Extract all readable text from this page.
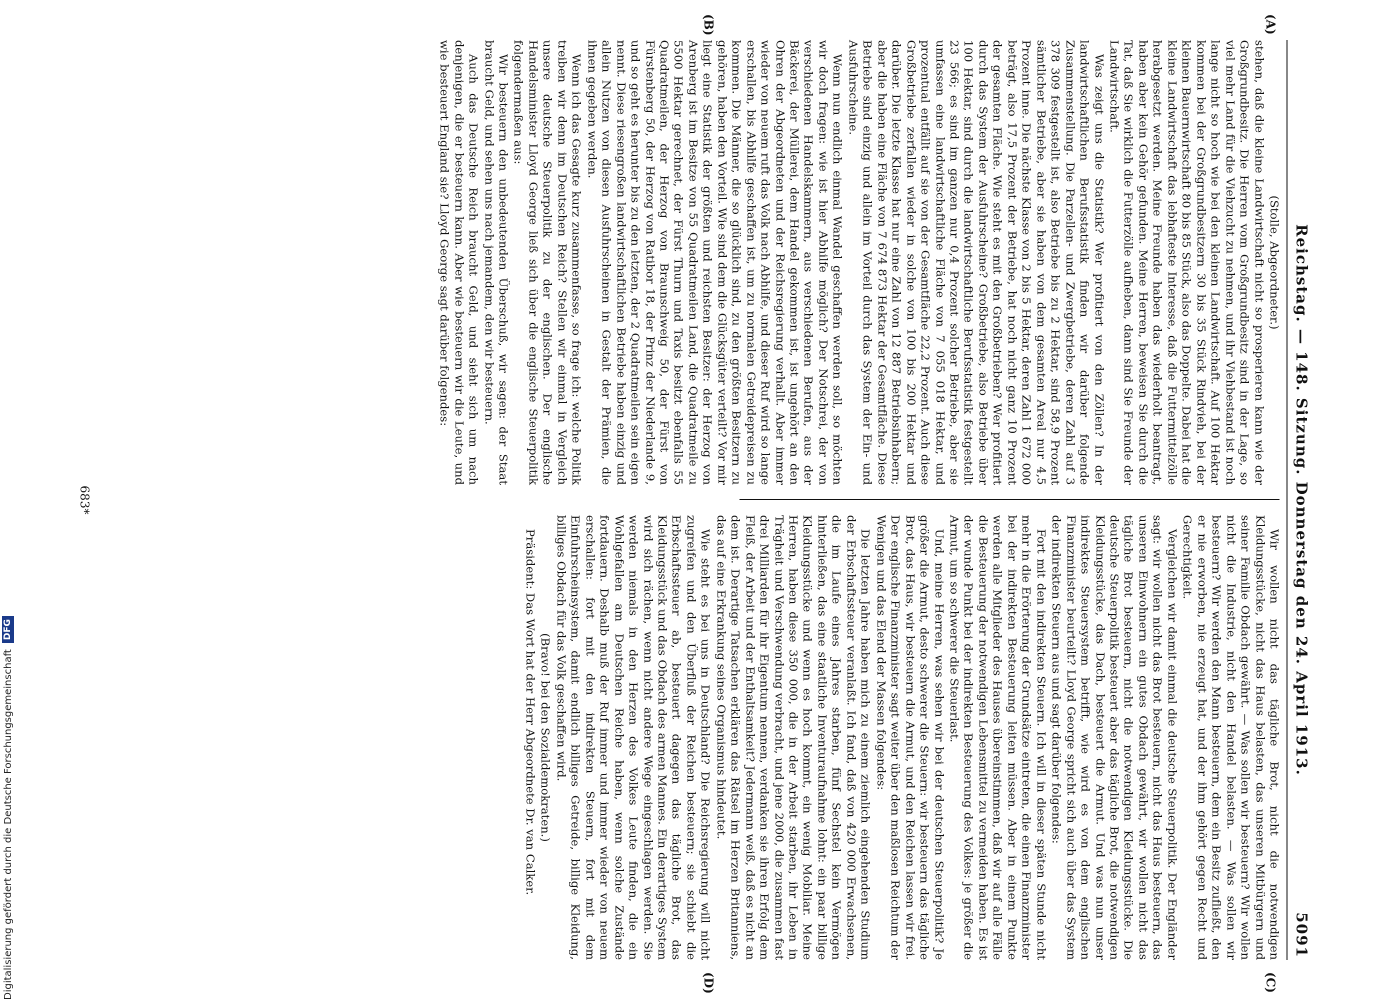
Reichstag. — 148. Sitzung. Donnerstag den 24. April 1913.
5091
(A)
(B)
(C)
(D)

(Stolle, Abgeordneter.)

stehen, daß die kleine Landwirtschaft nicht so prosperieren kann wie der Großgrundbesitz. Die Herren vom Großgrundbesitz sind in der Lage, so viel mehr Land für die Viehzucht zu nehmen, und ihr Viehbestand ist noch lange nicht so hoch wie bei den kleinen Landwirtschaft. Auf 100 Hektar kommen bei der Großgrundbesitzern 30 bis 35 Stück Rindvieh, bei der kleinen Bauernwirtschaft 80 bis 85 Stück, also das Doppelte. Dabei hat die kleine Landwirtschaft das lebhafteste Interesse, daß die Futtermittelzölle herabgesetzt werden. Meine Freunde haben das wiederholt beantragt, haben aber kein Gehör gefunden. Meine Herren, beweisen Sie durch die Tat, daß Sie wirklich die Futterzölle aufheben, dann sind Sie Freunde der Landwirtschaft.

Was zeigt uns die Statistik? Wer profitiert von den Zöllen? In der landwirtschaftlichen Berufsstatistik finden wir darüber folgende Zusammenstellung. Die Parzellen- und Zwergbetriebe, deren Zahl auf 3 378 309 festgestellt ist, also Betriebe bis zu 2 Hektar, sind 58,9 Prozent sämtlicher Betriebe, aber sie haben von dem gesamten Areal nur 4,5 Prozent inne. Die nächste Klasse von 2 bis 5 Hektar, deren Zahl 1 672 000 beträgt, also 17,5 Prozent der Betriebe, hat noch nicht ganz 10 Prozent der gesamten Fläche. Wie steht es mit den Großbetrieben? Wer profitiert durch das System der Ausfuhrscheine? Großbetriebe, also Betriebe über 100 Hektar, sind durch die landwirtschaftliche Berufsstatistik festgestellt 23 566; es sind im ganzen nur 0,4 Prozent solcher Betriebe, aber sie umfassen eine landwirtschaftliche Fläche von 7 055 018 Hektar, und prozentual entfällt auf sie von der Gesamtfläche 22,2 Prozent. Auch diese Großbetriebe zerfallen wieder in solche von 100 bis 200 Hektar und darüber. Die letzte Klasse hat nur eine Zahl von 12 887 Betriebsinhabern; aber die haben eine Fläche von 7 674 873 Hektar der Gesamtfläche. Diese Betriebe sind einzig und allein im Vorteil durch das System der Ein- und Ausfuhrscheine.

Wenn nun endlich einmal Wandel geschaffen werden soll, so möchten wir doch fragen: wie ist hier Abhilfe möglich? Der Notschrei, der von verschiedenen Handelskammern, aus verschiedenen Berufen, aus der Bäckerei, der Müllerei, dem Handel gekommen ist, ist ungehört an den Ohren der Abgeordneten und der Reichsregierung verhallt. Aber immer wieder von neuem ruft das Volk nach Abhilfe, und dieser Ruf wird so lange erschallen, bis Abhilfe geschaffen ist, um zu normalen Getreidepreisen zu kommen. Die Männer, die so glücklich sind, zu den größten Besitzern zu gehören, haben den Vorteil. Wie sind dem die Glücksgüter verteilt? Vor mir liegt eine Statistik der größten und reichsten Besitzer: der Herzog von Arenberg ist im Besitze von 55 Quadratmeilen Land, die Quadratmeile zu 5500 Hektar gerechnet, der Fürst Thurn und Taxis besitzt ebenfalls 55 Quadratmeilen, der Herzog von Braunschweig 50, der Fürst von Fürstenberg 50, der Herzog von Ratibor 18, der Prinz der Niederlande 9, und so geht es herunter bis zu den letzten, der 2 Quadratmeilen sein eigen nennt. Diese riesengroßen landwirtschaftlichen Betriebe haben einzig und allein Nutzen von diesen Ausfuhrscheinen in Gestalt der Prämien, die ihnen gegeben werden.

Wenn ich das Gesagte kurz zusammenfasse, so frage ich: welche Politik treiben wir denn im Deutschen Reich? Stellen wir einmal in Vergleich unsere deutsche Steuerpolitik zu der englischen. Der englische Handelsminister Lloyd George ließ sich über die englische Steuerpolitik folgendermaßen aus:

Wir besteuern den unbedeutenden Überschuß, wir sagen: der Staat braucht Geld, und sehen uns nach jemandem, den wir besteuern.

Auch das Deutsche Reich braucht Geld, und sieht sich um nach denjenigen, die er besteuern kann. Aber wie besteuern wir die Leute, und wie besteuert England sie? Lloyd George sagt darüber folgendes:

Wir wollen nicht das tägliche Brot, nicht die notwendigen Kleidungsstücke, nicht das Haus belasten, das unseren Mitbürgern und seiner Familie Obdach gewährt. — Was sollen wir besteuern? Wir wollen nicht die Industrie, nicht den Handel belasten. — Was sollen wir besteuern? Wir werden den Mann besteuern, dem ein Besitz zufließt, den er nie erworben, nie erzeugt hat, und der ihm gehört gegen Recht und Gerechtigkeit.

Vergleichen wir damit einmal die deutsche Steuerpolitik. Der Engländer sagt: wir wollen nicht das Brot besteuern, nicht das Haus besteuern, das unseren Einwohnern ein gutes Obdach gewährt, wir wollen nicht das tägliche Brot besteuern, nicht die notwendigen Kleidungsstücke. Die deutsche Steuerpolitik besteuert aber das tägliche Brot, die notwendigen Kleidungsstücke, das Dach, besteuert die Armut. Und was nun unser indirektes Steuersystem betrifft, wie wird es von dem englischen Finanzminister beurteilt? Lloyd George spricht sich auch über das System der indirekten Steuern aus und sagt darüber folgendes:

Fort mit den indirekten Steuern. Ich will in dieser späten Stunde nicht mehr in die Erörterung der Grundsätze eintreten, die einen Finanzminister bei der indirekten Besteuerung leiten müssen. Aber in einem Punkte werden alle Mitglieder des Hauses übereinstimmen, daß wir auf alle Fälle die Besteuerung der notwendigen Lebensmittel zu vermeiden haben. Es ist der wunde Punkt bei der indirekten Besteuerung des Volkes: je größer die Armut, um so schwerer die Steuerlast.

Und, meine Herren, was sehen wir bei der deutschen Steuerpolitik? Je größer die Armut, desto schwerer die Steuern: wir besteuern das tägliche Brot, das Haus, wir besteuern die Armut, und den Reichen lassen wir frei. Der englische Finanzminister sagt weiter über den maßlosen Reichtum der Wenigen und das Elend der Massen folgendes:

Die letzten Jahre haben mich zu einem ziemlich eingehenden Studium der Erbschaftssteuer veranlaßt. Ich fand, daß von 420 000 Erwachsenen, die im Laufe eines Jahres starben, fünf Sechstel kein Vermögen hinterließen, das eine staatliche Inventuraufnahme lohnt: ein paar billige Kleidungsstücke und wenn es hoch kommt, ein wenig Mobiliar. Meine Herren, haben diese 350 000, die in der Arbeit starben, ihr Leben in Trägheit und Verschwendung verbracht, und jene 2000, die zusammen fast drei Milliarden für ihr Eigentum nennen, verdanken sie ihren Erfolg dem Fleiß, der Arbeit und der Enthaltsamkeit? Jedermann weiß, daß es nicht an dem ist. Derartige Tatsachen erklären das Rätsel im Herzen Britanniens, das auf eine Erkrankung seines Organismus hindeutet.

Wie steht es bei uns in Deutschland? Die Reichsregierung will nicht zugreifen und den Überfluß der Reichen besteuern; sie schiebt die Erbschaftssteuer ab, besteuert dagegen das tägliche Brot, das Kleidungsstück und das Obdach des armen Mannes. Ein derartiges System wird sich rächen, wenn nicht andere Wege eingeschlagen werden. Sie werden niemals in den Herzen des Volkes Leute finden, die ein Wohlgefallen am Deutschen Reiche haben, wenn solche Zustände fortdauern. Deshalb muß der Ruf immer und immer wieder von neuem erschallen: fort mit den indirekten Steuern, fort mit dem Einfuhrscheinsystem, damit endlich billiges Getreide, billige Kleidung, billiges Obdach für das Volk geschaffen wird.

(Bravo! bei den Sozialdemokraten.)

Präsident: Das Wort hat der Herr Abgeordnete Dr. van Calker.

683*
Digitalisierung gefördert durch die Deutsche Forschungsgemeinschaft
DFG
